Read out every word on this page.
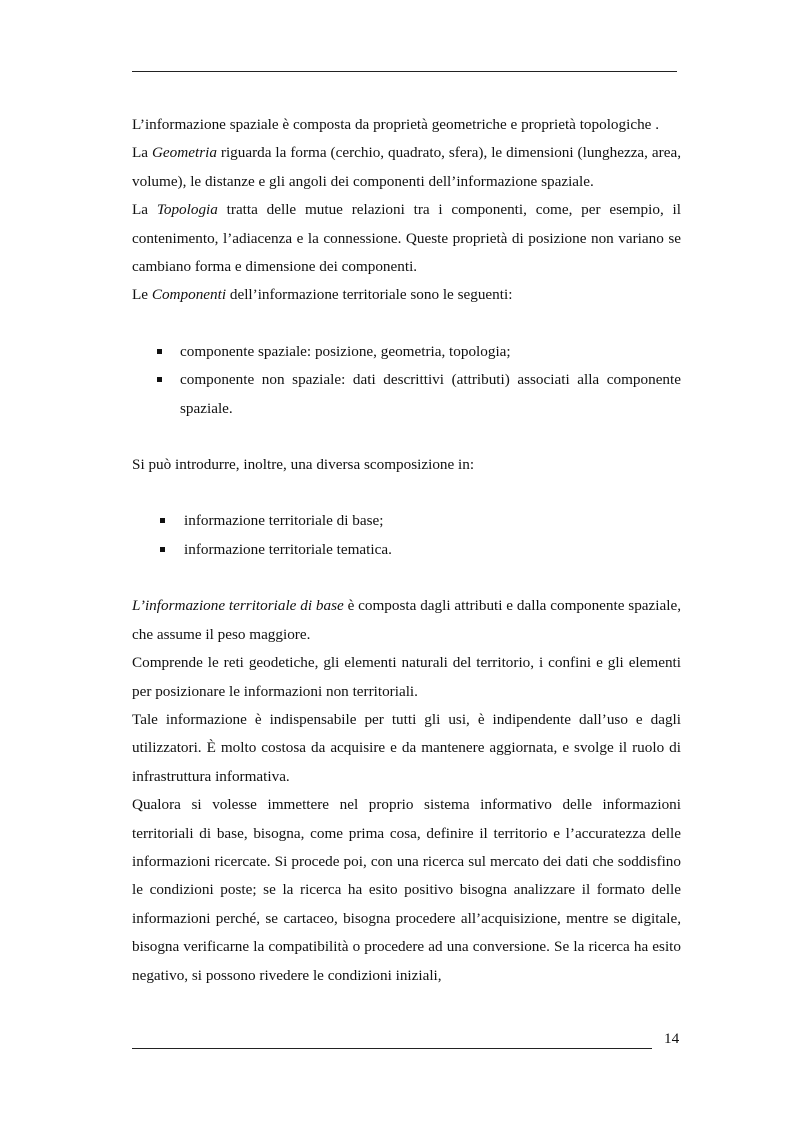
L’informazione spaziale è composta da proprietà geometriche e proprietà topologiche .

La Geometria riguarda la forma (cerchio, quadrato, sfera), le dimensioni (lunghezza, area, volume), le distanze e gli angoli dei componenti dell’informazione spaziale.

La Topologia tratta delle mutue relazioni tra i componenti, come, per esempio, il contenimento, l’adiacenza e la connessione. Queste proprietà di posizione non variano se cambiano forma e dimensione dei componenti.

Le Componenti dell’informazione territoriale sono le seguenti:

componente spaziale: posizione, geometria, topologia;
componente non spaziale: dati descrittivi (attributi) associati alla componente spaziale.

Si può introdurre, inoltre, una diversa scomposizione in:

informazione territoriale di base;
informazione territoriale tematica.

L’informazione territoriale di base è composta dagli attributi e dalla componente spaziale, che assume il peso maggiore.

Comprende le reti geodetiche, gli elementi naturali del territorio, i confini e gli elementi per posizionare le informazioni non territoriali.

Tale informazione è indispensabile per tutti gli usi, è indipendente dall’uso e dagli utilizzatori. È molto costosa da acquisire e da mantenere aggiornata, e svolge il ruolo di infrastruttura informativa.

Qualora si volesse immettere nel proprio sistema informativo delle informazioni territoriali di base, bisogna, come prima cosa, definire il territorio e l’accuratezza delle informazioni ricercate. Si procede poi, con una ricerca sul mercato dei dati che soddisfino le condizioni poste; se la ricerca ha esito positivo bisogna analizzare il formato delle informazioni perché, se cartaceo, bisogna procedere all’acquisizione, mentre se digitale, bisogna verificarne la compatibilità o procedere ad una conversione. Se la ricerca ha esito negativo, si possono rivedere le condizioni iniziali,

14
